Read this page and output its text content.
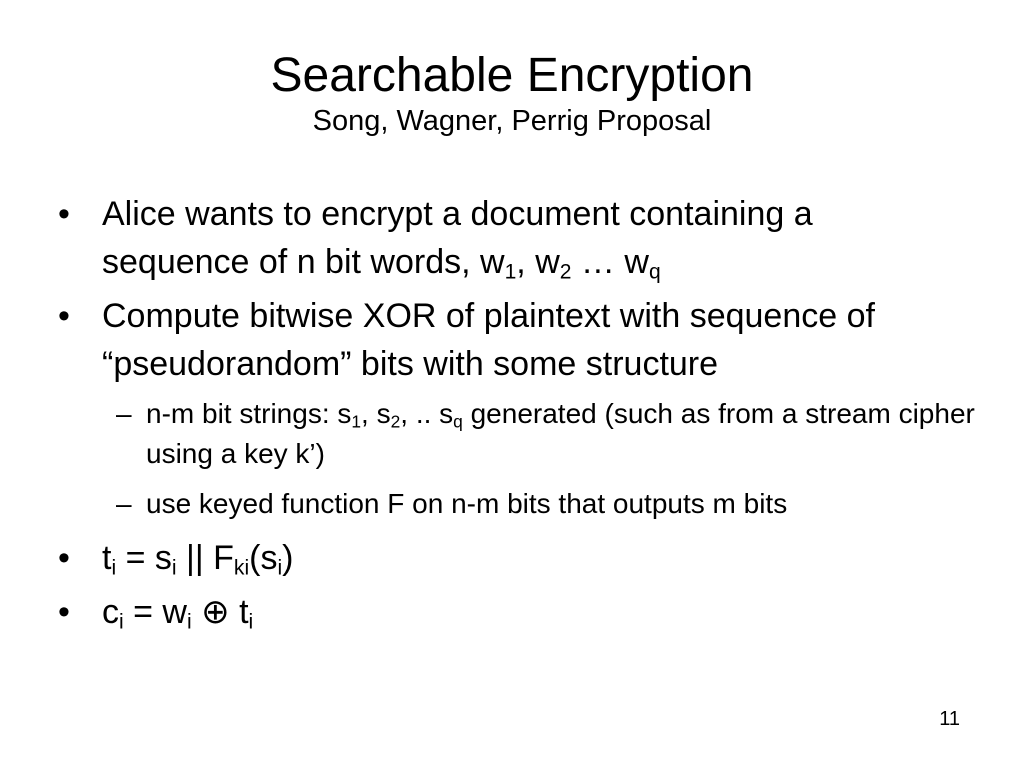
Searchable Encryption
Song, Wagner, Perrig Proposal
• Alice wants to encrypt a document containing a
sequence of n bit words, $w_1$, $w_2$ … $w_q$
• Compute bitwise XOR of plaintext with sequence of “pseudorandom” bits with some structure
– n-m bit strings: $s_1$, $s_2$, .. $s_q$ generated (such as from a stream cipher using a key k’)
– use keyed function F on n-m bits that outputs m bits
• $t_i = s_i$ || $F_{ki}(s_i)$
• $c_i = w_i$ ⊕ $t_i$
11
